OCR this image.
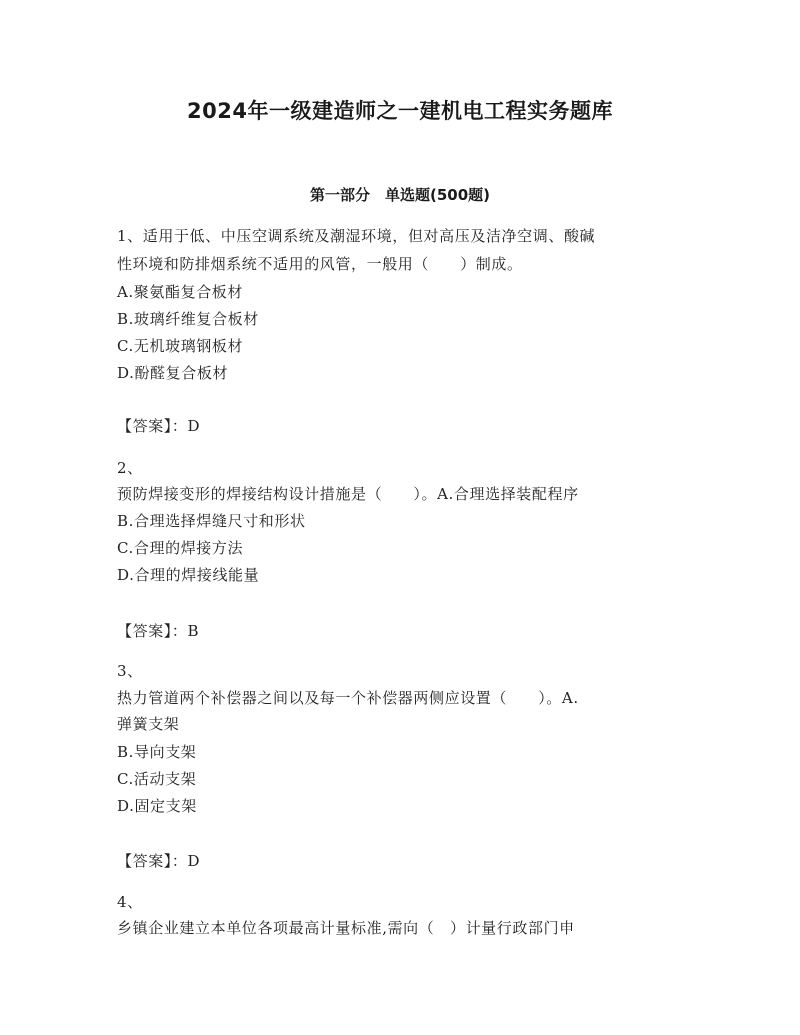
2024年一级建造师之一建机电工程实务题库
第一部分　单选题(500题)
1、适用于低、中压空调系统及潮湿环境，但对高压及洁净空调、酸碱
性环境和防排烟系统不适用的风管，一般用（　　）制成。
A.聚氨酯复合板材
B.玻璃纤维复合板材
C.无机玻璃钢板材
D.酚醛复合板材
【答案】：D
2、
预防焊接变形的焊接结构设计措施是（　　）。A.合理选择装配程序
B.合理选择焊缝尺寸和形状
C.合理的焊接方法
D.合理的焊接线能量
【答案】：B
3、
热力管道两个补偿器之间以及每一个补偿器两侧应设置（　　）。A.
弹簧支架
B.导向支架
C.活动支架
D.固定支架
【答案】：D
4、
乡镇企业建立本单位各项最高计量标准,需向（　）计量行政部门申
